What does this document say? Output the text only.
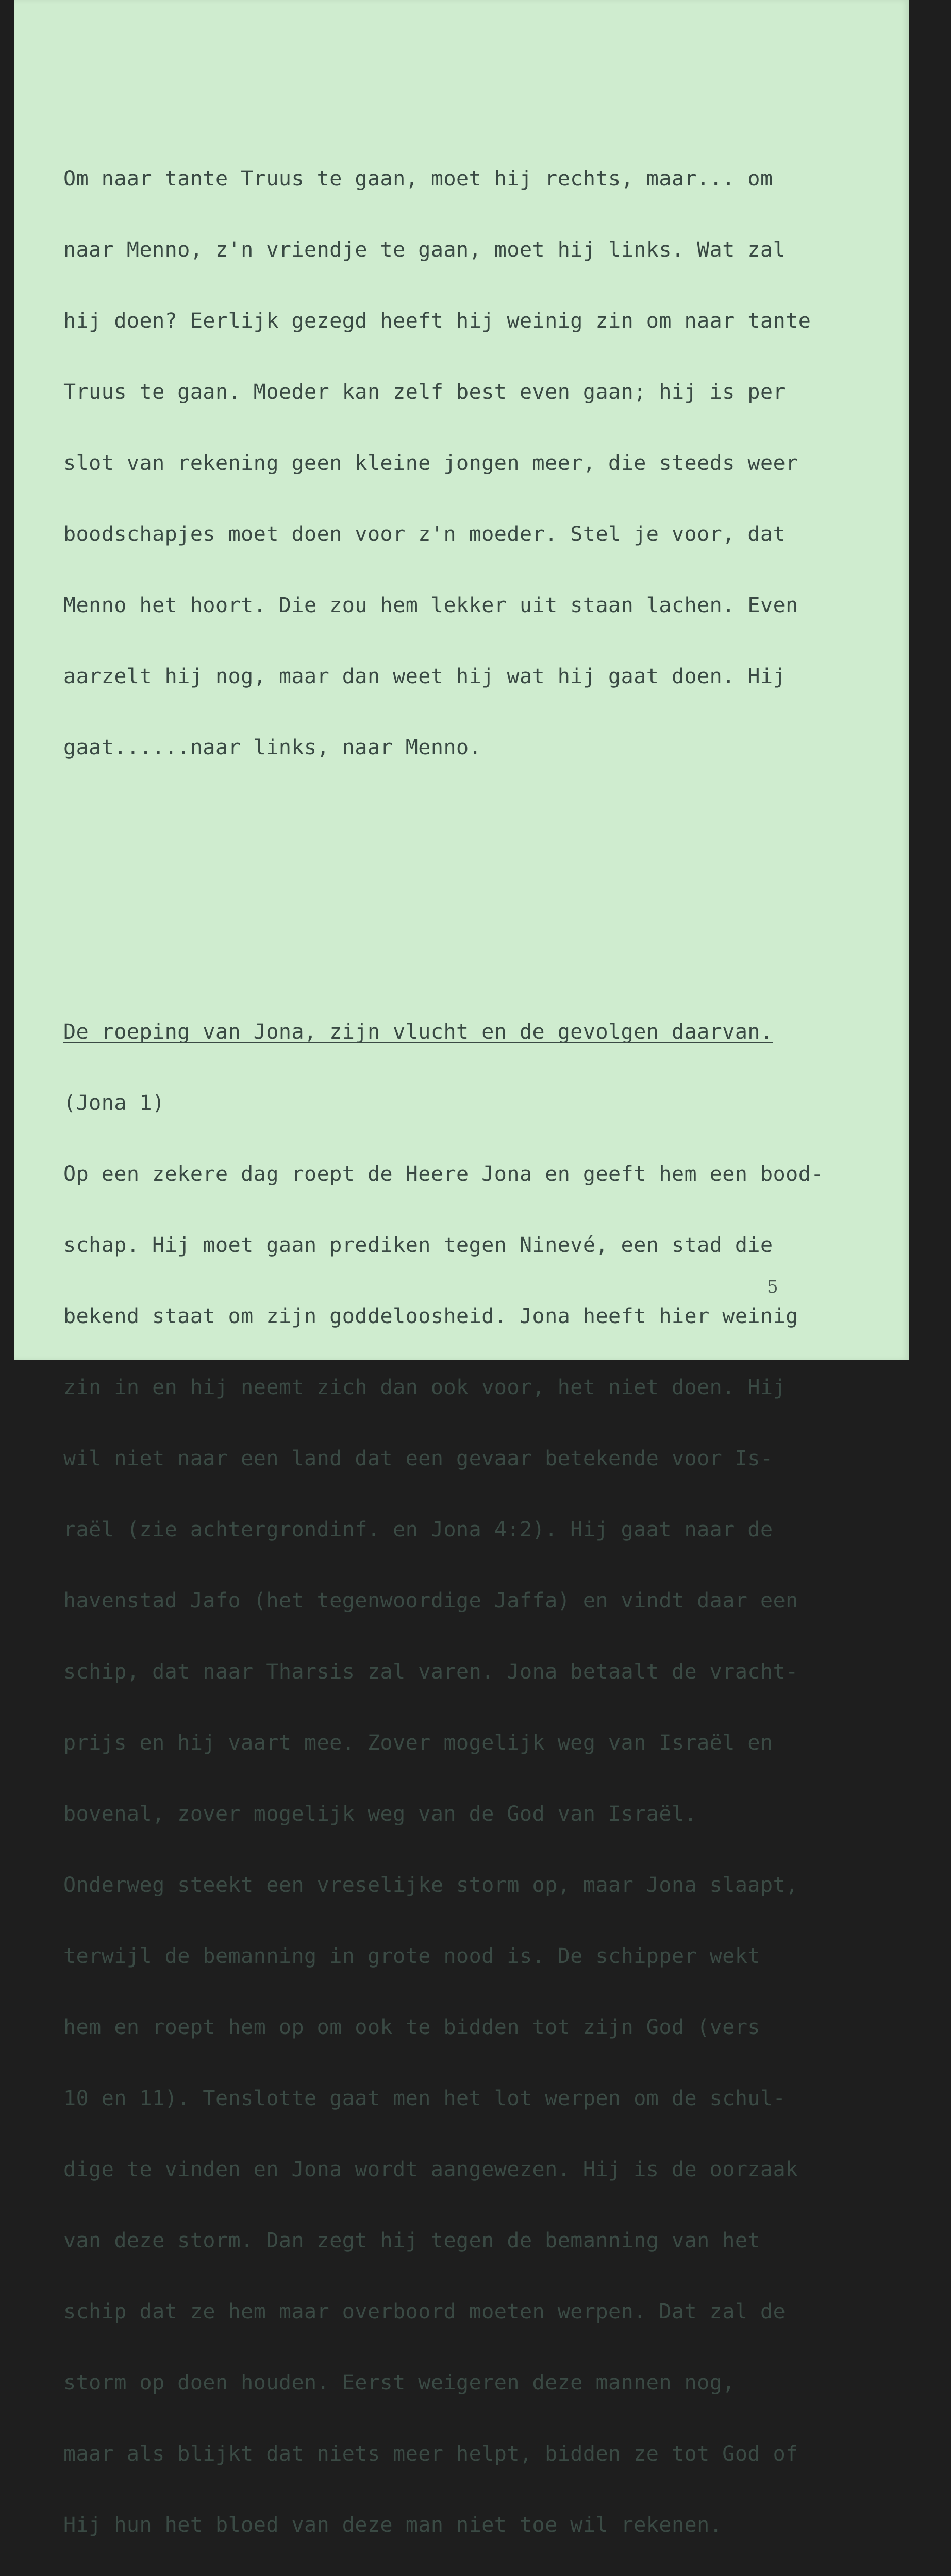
Om naar tante Truus te gaan, moet hij rechts, maar... om

naar Menno, z'n vriendje te gaan, moet hij links. Wat zal

hij doen? Eerlijk gezegd heeft hij weinig zin om naar tante

Truus te gaan. Moeder kan zelf best even gaan; hij is per

slot van rekening geen kleine jongen meer, die steeds weer

boodschapjes moet doen voor z'n moeder. Stel je voor, dat

Menno het hoort. Die zou hem lekker uit staan lachen. Even

aarzelt hij nog, maar dan weet hij wat hij gaat doen. Hij

gaat......naar links, naar Menno.

De roeping van Jona, zijn vlucht en de gevolgen daarvan.

(Jona 1)

Op een zekere dag roept de Heere Jona en geeft hem een bood-

schap. Hij moet gaan prediken tegen Ninevé, een stad die

bekend staat om zijn goddeloosheid. Jona heeft hier weinig

zin in en hij neemt zich dan ook voor, het niet doen. Hij

wil niet naar een land dat een gevaar betekende voor Is-

raël (zie achtergrondinf. en Jona 4:2). Hij gaat naar de

havenstad Jafo (het tegenwoordige Jaffa) en vindt daar een

schip, dat naar Tharsis zal varen. Jona betaalt de vracht-

prijs en hij vaart mee. Zover mogelijk weg van Israël en

bovenal, zover mogelijk weg van de God van Israël.

Onderweg steekt een vreselijke storm op, maar Jona slaapt,

terwijl de bemanning in grote nood is. De schipper wekt

hem en roept hem op om ook te bidden tot zijn God (vers

10 en 11). Tenslotte gaat men het lot werpen om de schul-

dige te vinden en Jona wordt aangewezen. Hij is de oorzaak

van deze storm. Dan zegt hij tegen de bemanning van het

schip dat ze hem maar overboord moeten werpen. Dat zal de

storm op doen houden. Eerst weigeren deze mannen nog,

maar als blijkt dat niets meer helpt, bidden ze tot God of

Hij hun het bloed van deze man niet toe wil rekenen.

5
